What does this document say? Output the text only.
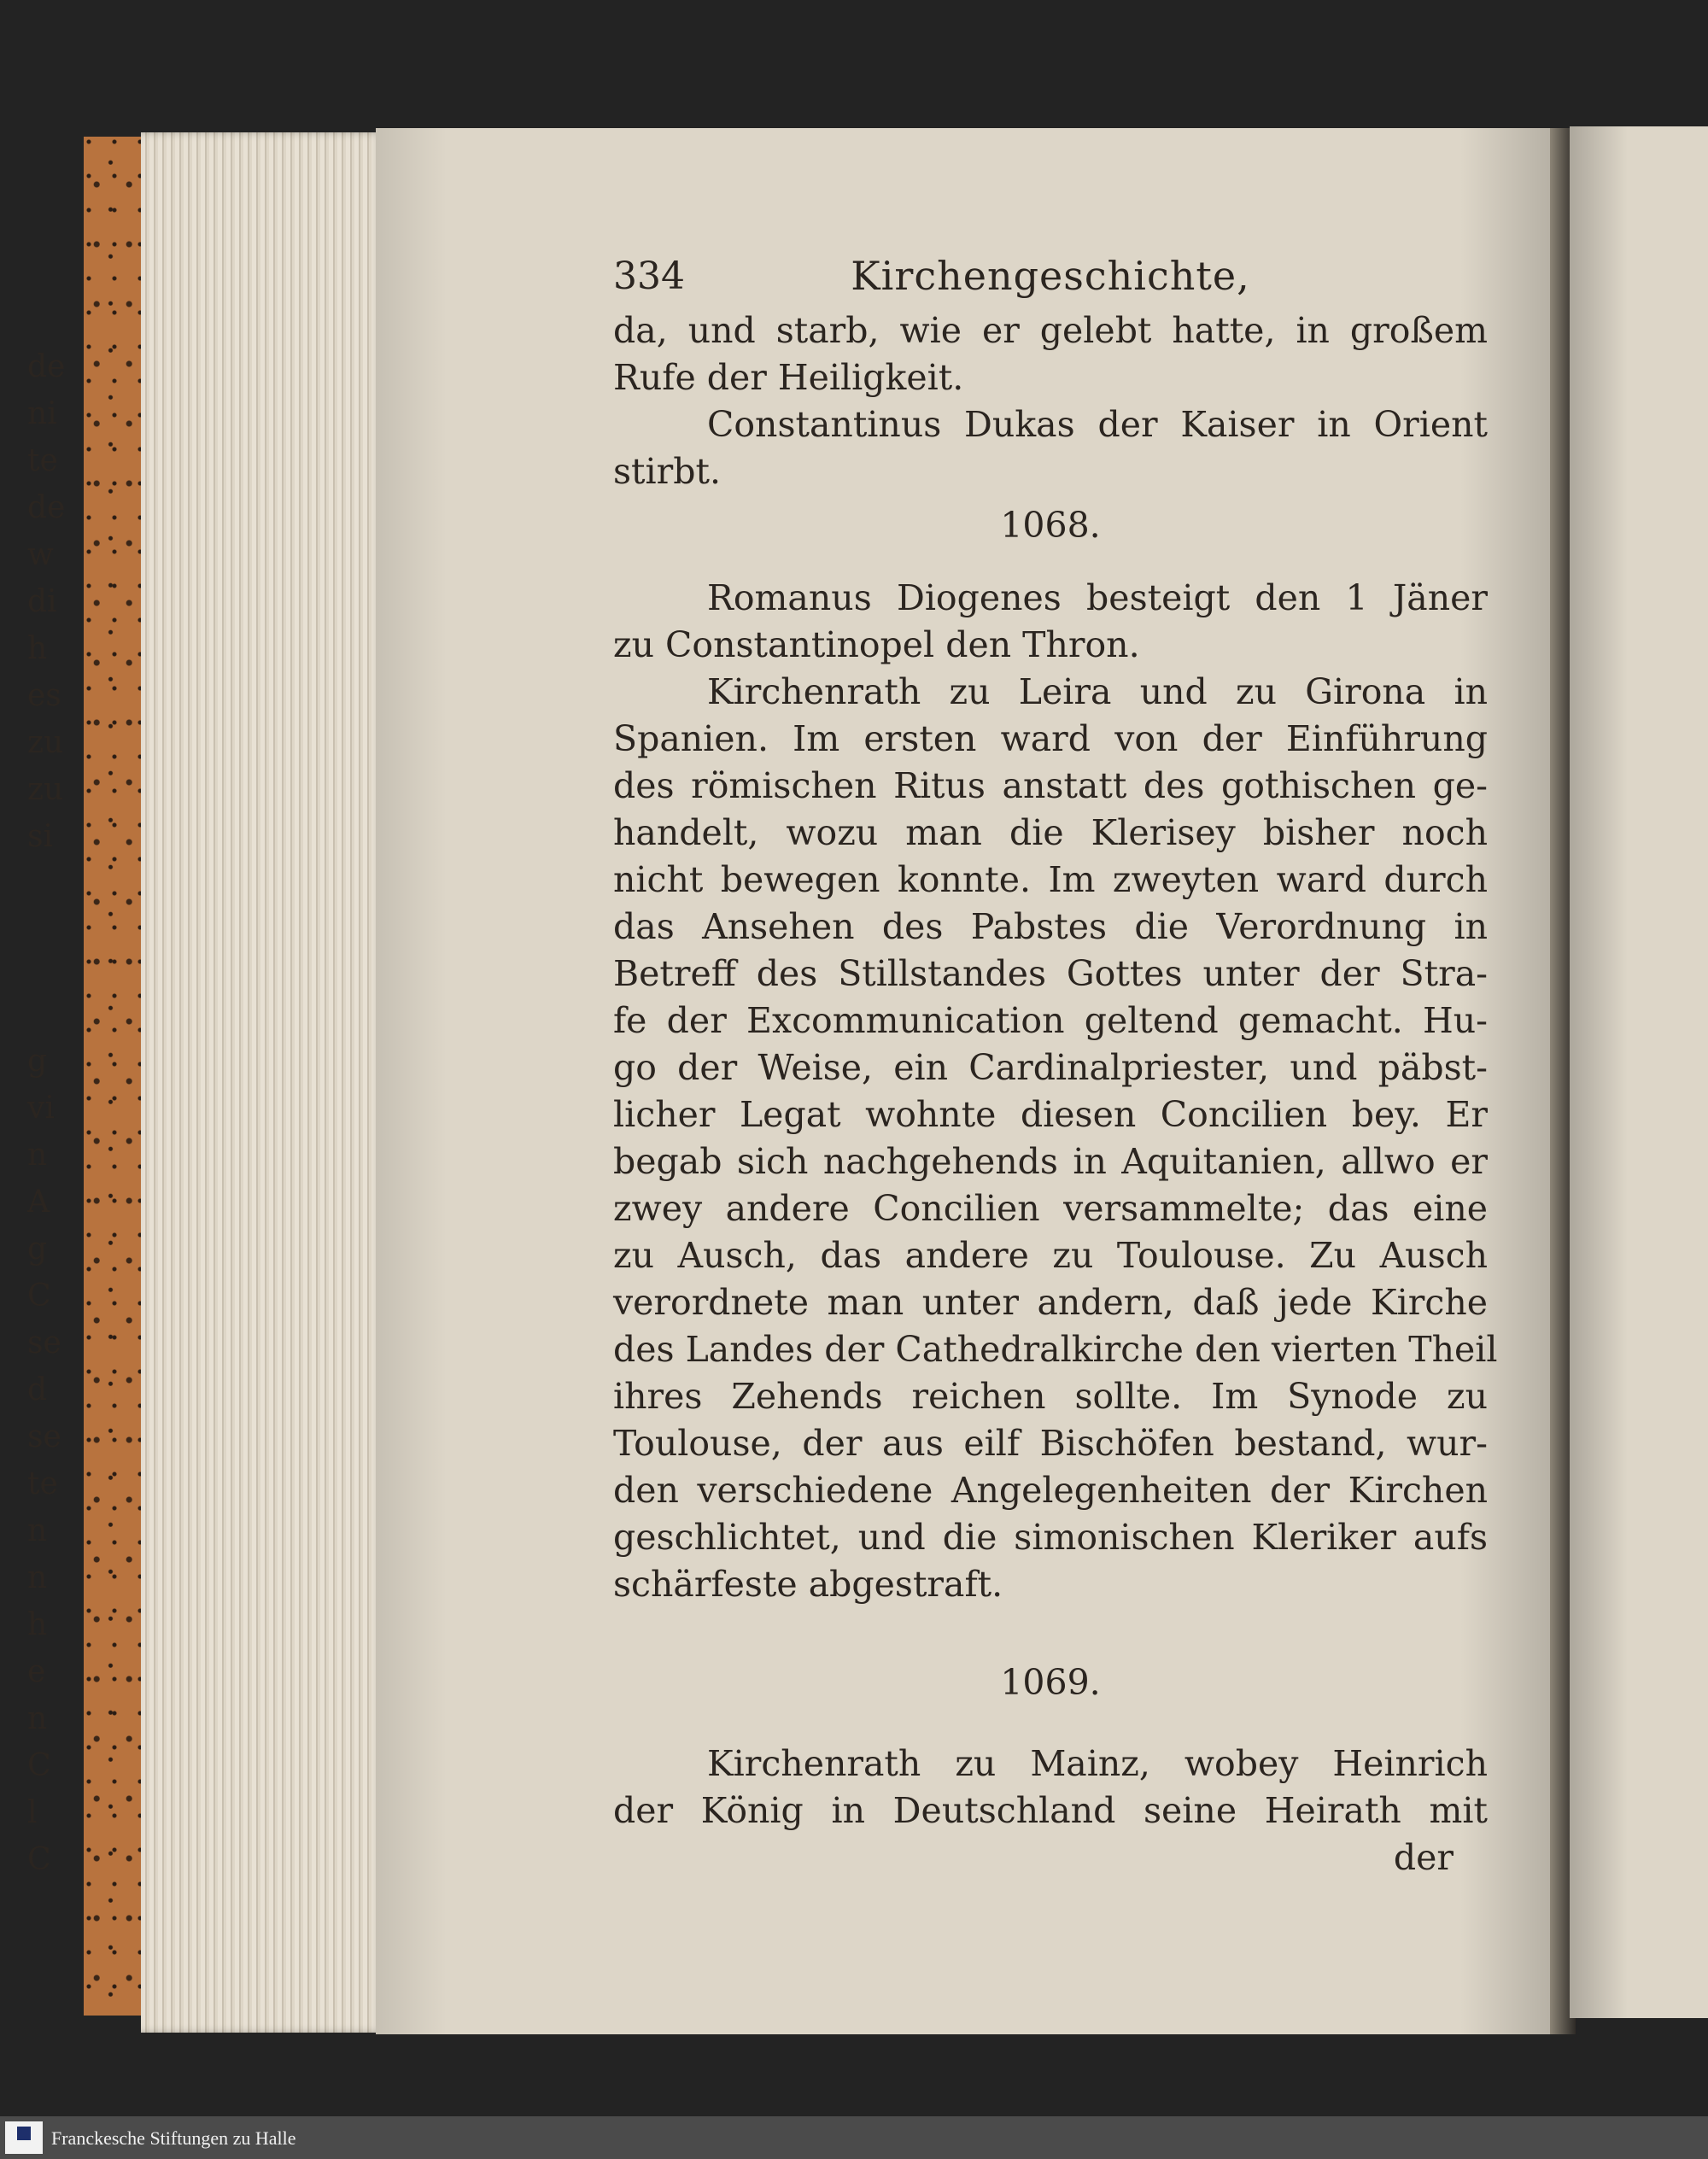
334	Kirchengeschichte,
da, und starb, wie er gelebt hatte, in großem
Rufe der Heiligkeit.
Constantinus Dukas der Kaiser in Orient
stirbt.
1068.
Romanus Diogenes besteigt den 1 Jäner
zu Constantinopel den Thron.
Kirchenrath zu Leira und zu Girona in
Spanien. Im ersten ward von der Einführung
des römischen Ritus anstatt des gothischen ge-
handelt, wozu man die Klerisey bisher noch
nicht bewegen konnte. Im zweyten ward durch
das Ansehen des Pabstes die Verordnung in
Betreff des Stillstandes Gottes unter der Stra-
fe der Excommunication geltend gemacht. Hu-
go der Weise, ein Cardinalpriester, und päbst-
licher Legat wohnte diesen Concilien bey. Er
begab sich nachgehends in Aquitanien, allwo er
zwey andere Concilien versammelte; das eine
zu Ausch, das andere zu Toulouse. Zu Ausch
verordnete man unter andern, daß jede Kirche
des Landes der Cathedralkirche den vierten Theil
ihres Zehends reichen sollte. Im Synode zu
Toulouse, der aus eilf Bischöfen bestand, wur-
den verschiedene Angelegenheiten der Kirchen
geschlichtet, und die simonischen Kleriker aufs
schärfeste abgestraft.
1069.
Kirchenrath zu Mainz, wobey Heinrich
der König in Deutschland seine Heirath mit
der
de
ni
te
de
w
di
h
es
zu
zu
si
g
vi
n
A
g
C
se
d
se
te
n
n
h
e
n
C
l
C
Franckesche Stiftungen zu Halle
